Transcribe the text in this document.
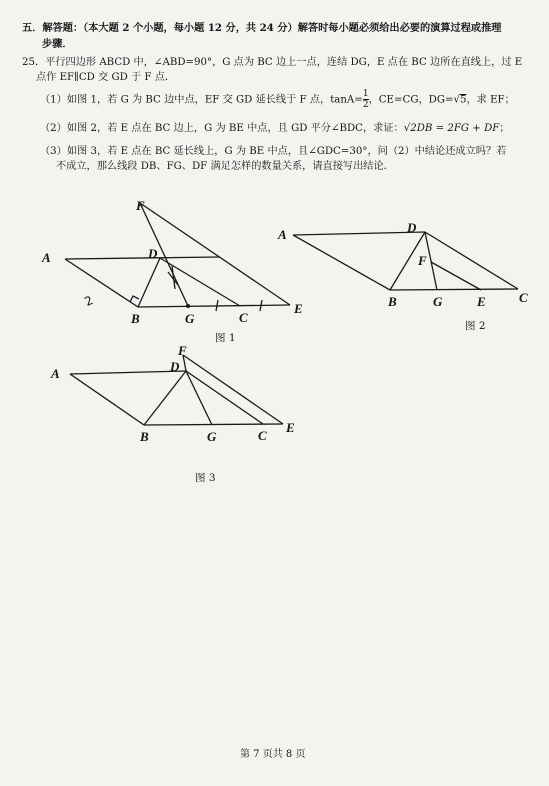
五．解答题：（本大题 2 个小题，每小题 12 分，共 24 分）解答时每小题必须给出必要的演算过程或推理
步骤．
25．平行四边形 ABCD 中，∠ABD=90°，G 点为 BC 边上一点，连结 DG，E 点在 BC 边所在直线上，过 E
点作 EF∥CD 交 GD 于 F 点．
（1）如图 1，若 G 为 BC 边中点，EF 交 GD 延长线于 F 点，$\tan A= \frac{1}{2}$ ，CE=CG，DG=√5，求 EF；
（2）如图 2，若 E 点在 BC 边上，G 为 BE 中点，且 GD 平分∠BDC，求证：√2DB = 2FG + DF；
（3）如图 3，若 E 点在 BC 延长线上，G 为 BE 中点，且∠GDC=30°，问（2）中结论还成立吗？若
不成立，那么线段 DB、FG、DF 满足怎样的数量关系，请直接写出结论．
F
A	D
B	G	C
E
2
图 1
A	D
F
B	G	E	C
图 2
F
A	D
B	G	C
E
图 3
第 7 页共 8 页
